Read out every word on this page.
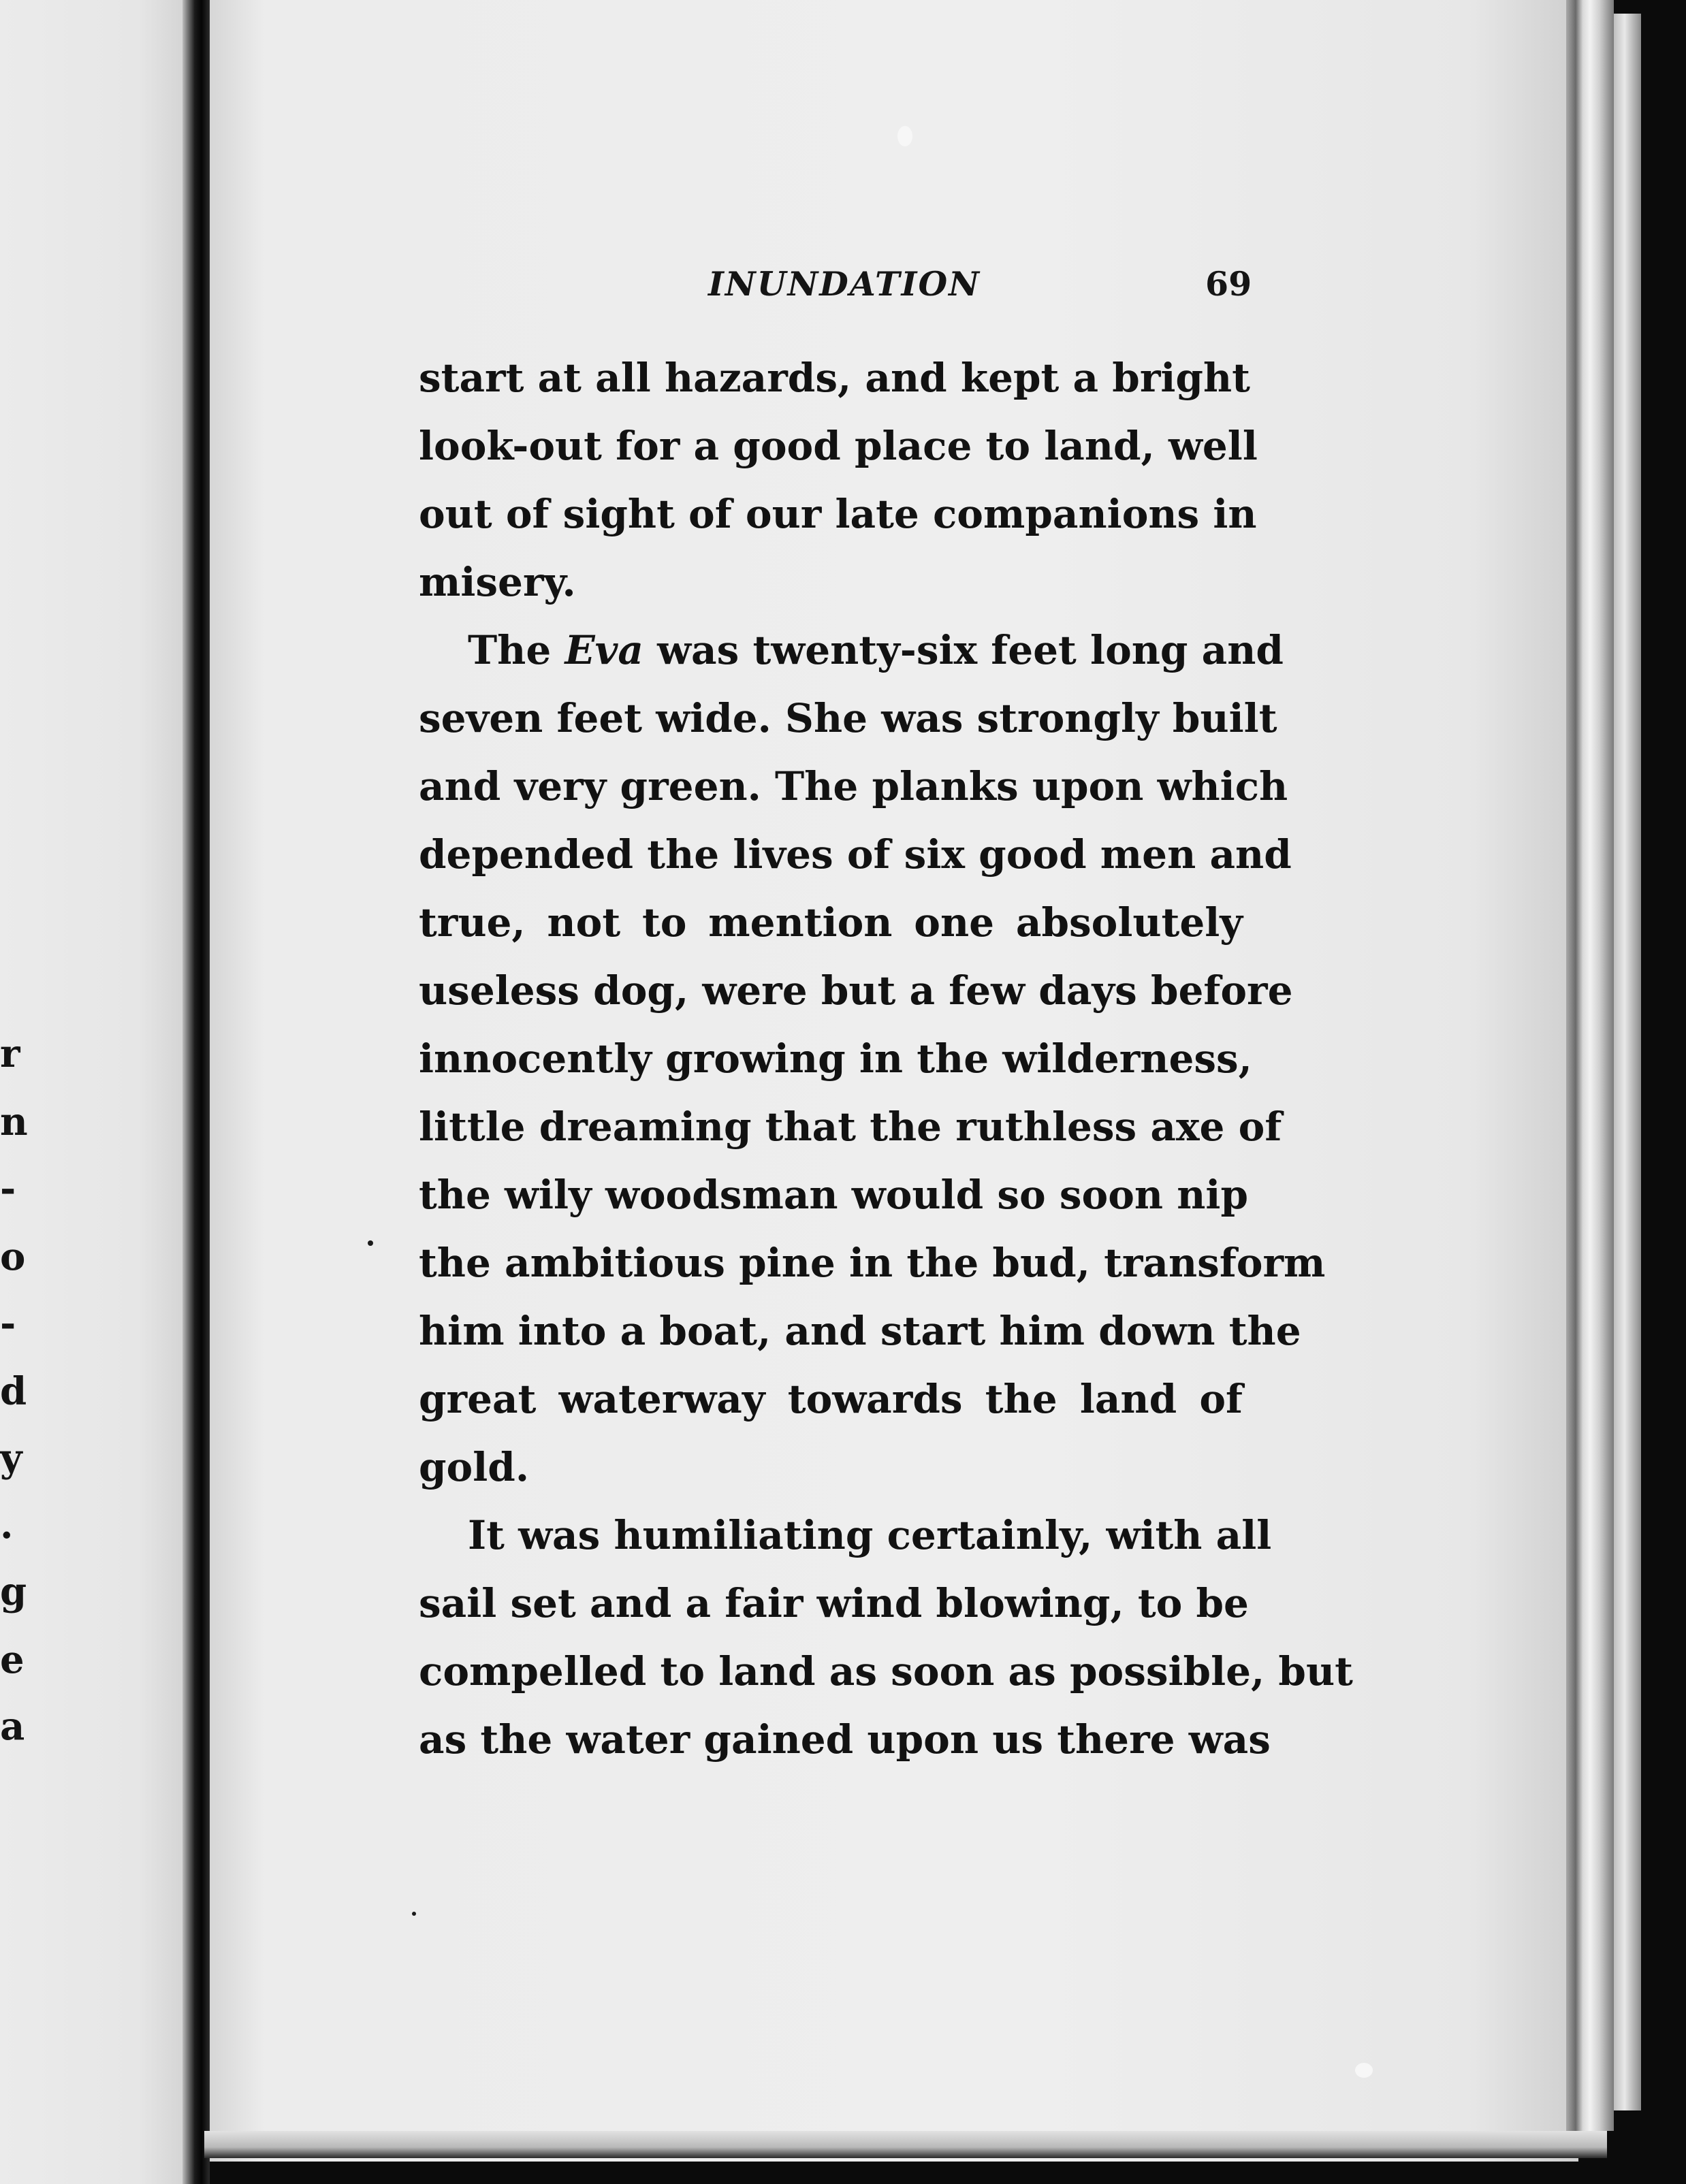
r
n
-
o
-
d
y
.
g
e
a
INUNDATION	69
start at all hazards, and kept a bright
look-out for a good place to land, well
out of sight of our late companions in
misery.
The Eva was twenty-six feet long and
seven feet wide. She was strongly built
and very green. The planks upon which
depended the lives of six good men and
true, not to mention one absolutely
useless dog, were but a few days before
innocently growing in the wilderness,
little dreaming that the ruthless axe of
the wily woodsman would so soon nip
the ambitious pine in the bud, transform
him into a boat, and start him down the
great waterway towards the land of
gold.
It was humiliating certainly, with all
sail set and a fair wind blowing, to be
compelled to land as soon as possible, but
as the water gained upon us there was
